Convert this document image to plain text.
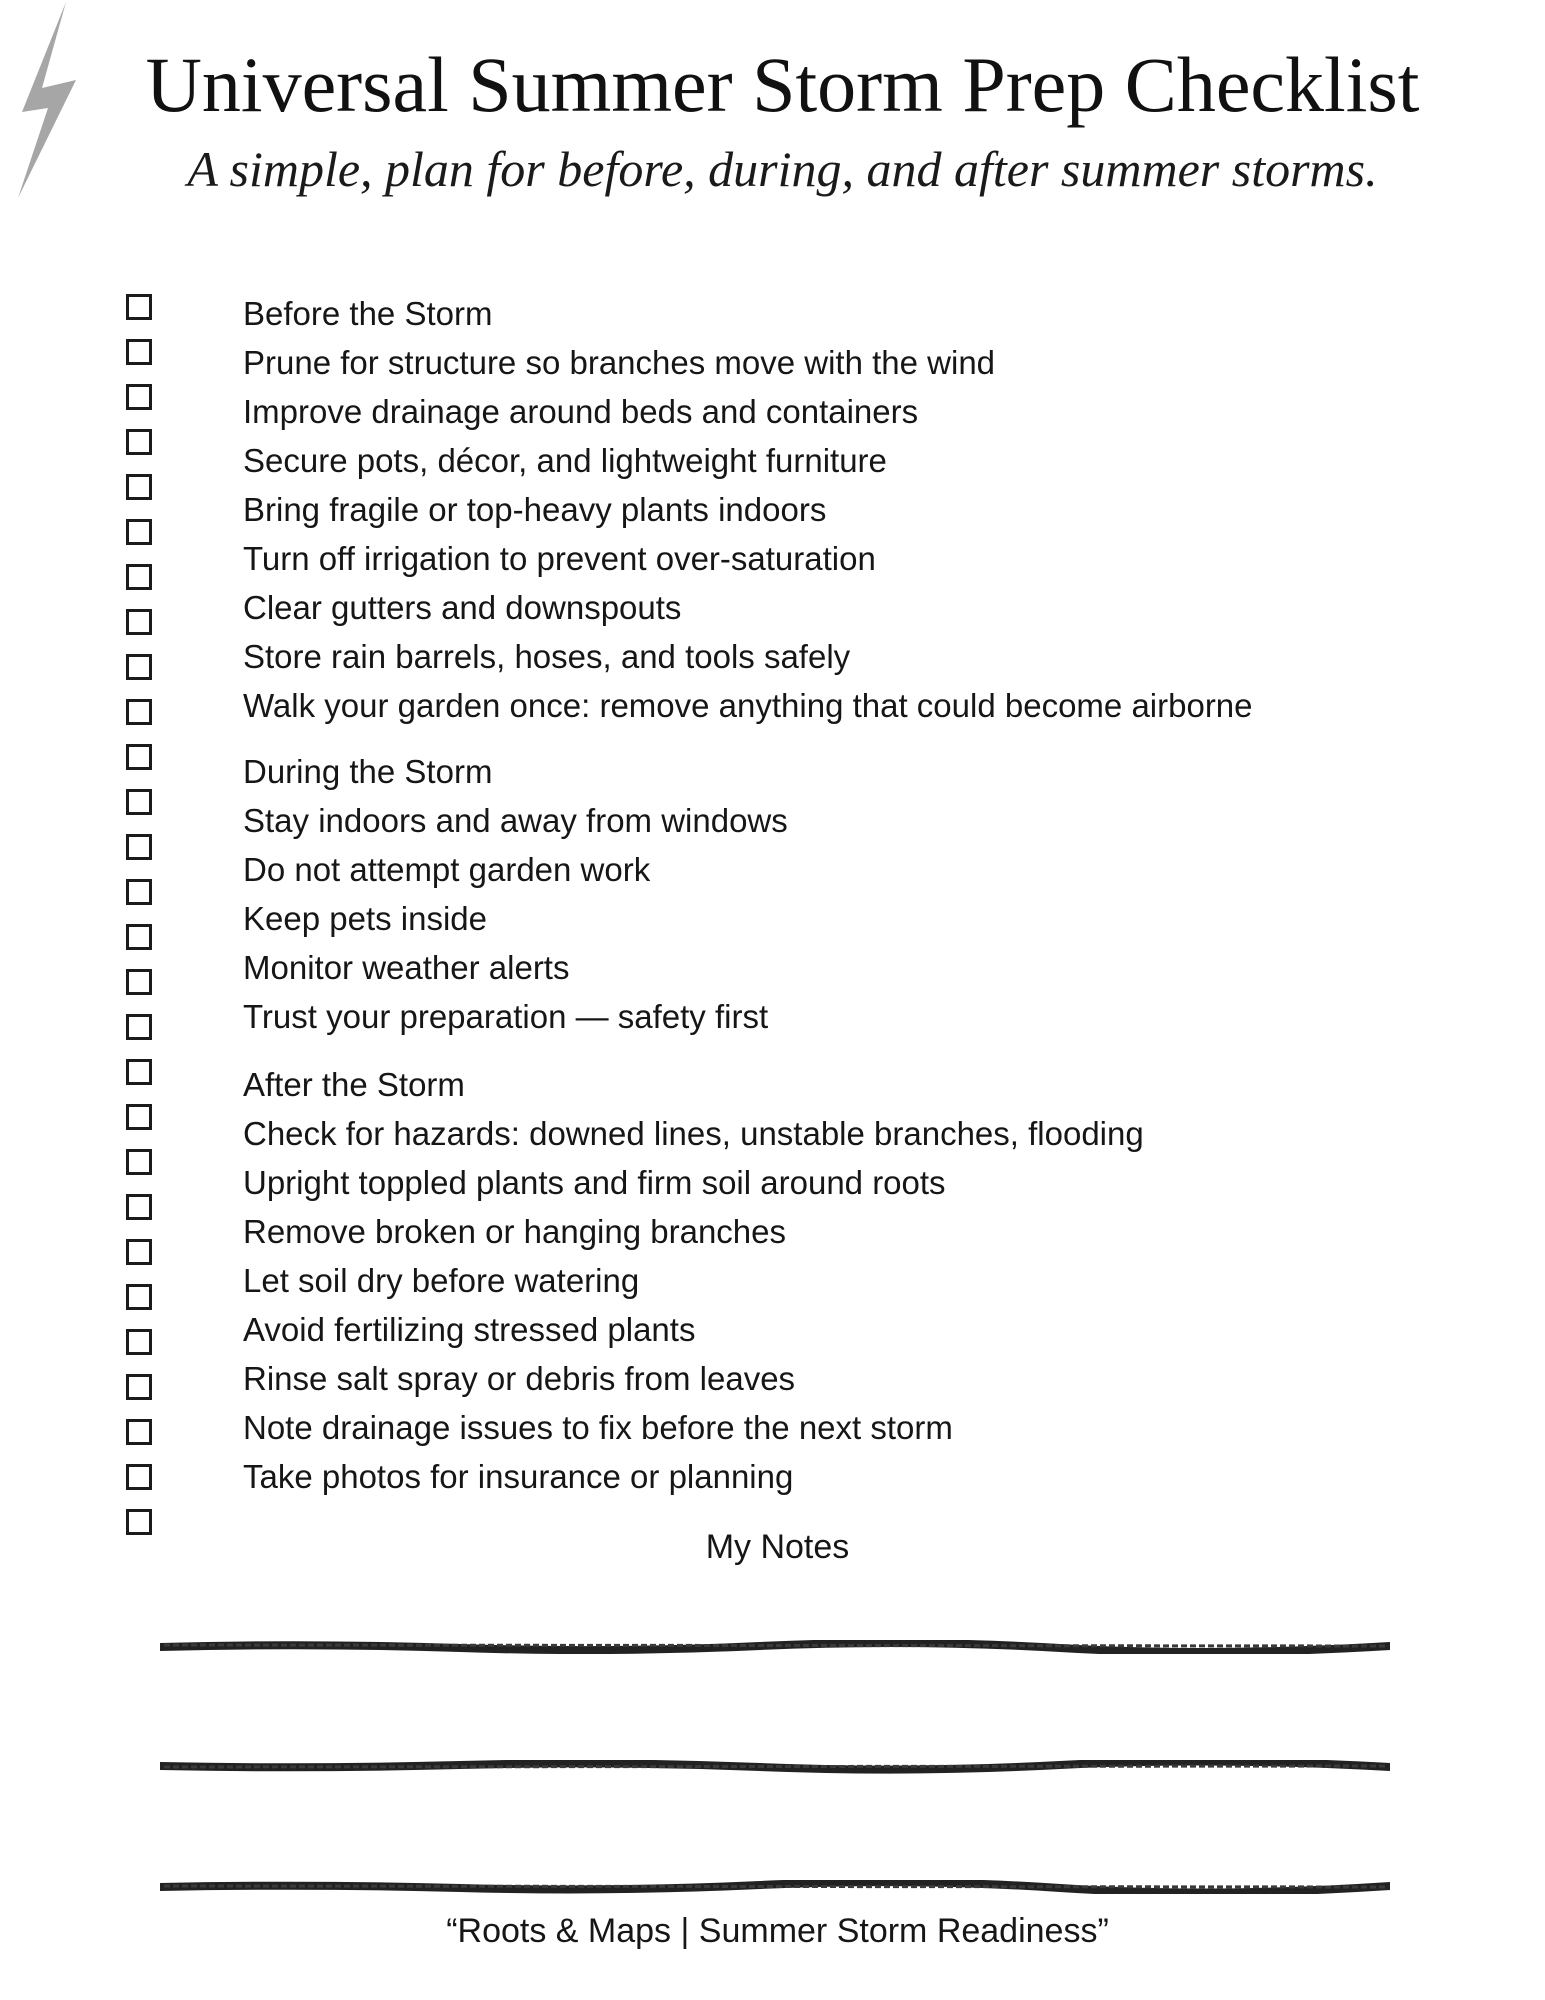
Universal Summer Storm Prep Checklist
A simple, plan for before, during, and after summer storms.
Before the Storm
Prune for structure so branches move with the wind
Improve drainage around beds and containers
Secure pots, décor, and lightweight furniture
Bring fragile or top-heavy plants indoors
Turn off irrigation to prevent over-saturation
Clear gutters and downspouts
Store rain barrels, hoses, and tools safely
Walk your garden once: remove anything that could become airborne
During the Storm
Stay indoors and away from windows
Do not attempt garden work
Keep pets inside
Monitor weather alerts
Trust your preparation — safety first
After the Storm
Check for hazards: downed lines, unstable branches, flooding
Upright toppled plants and firm soil around roots
Remove broken or hanging branches
Let soil dry before watering
Avoid fertilizing stressed plants
Rinse salt spray or debris from leaves
Note drainage issues to fix before the next storm
Take photos for insurance or planning
My Notes
“Roots & Maps | Summer Storm Readiness”
